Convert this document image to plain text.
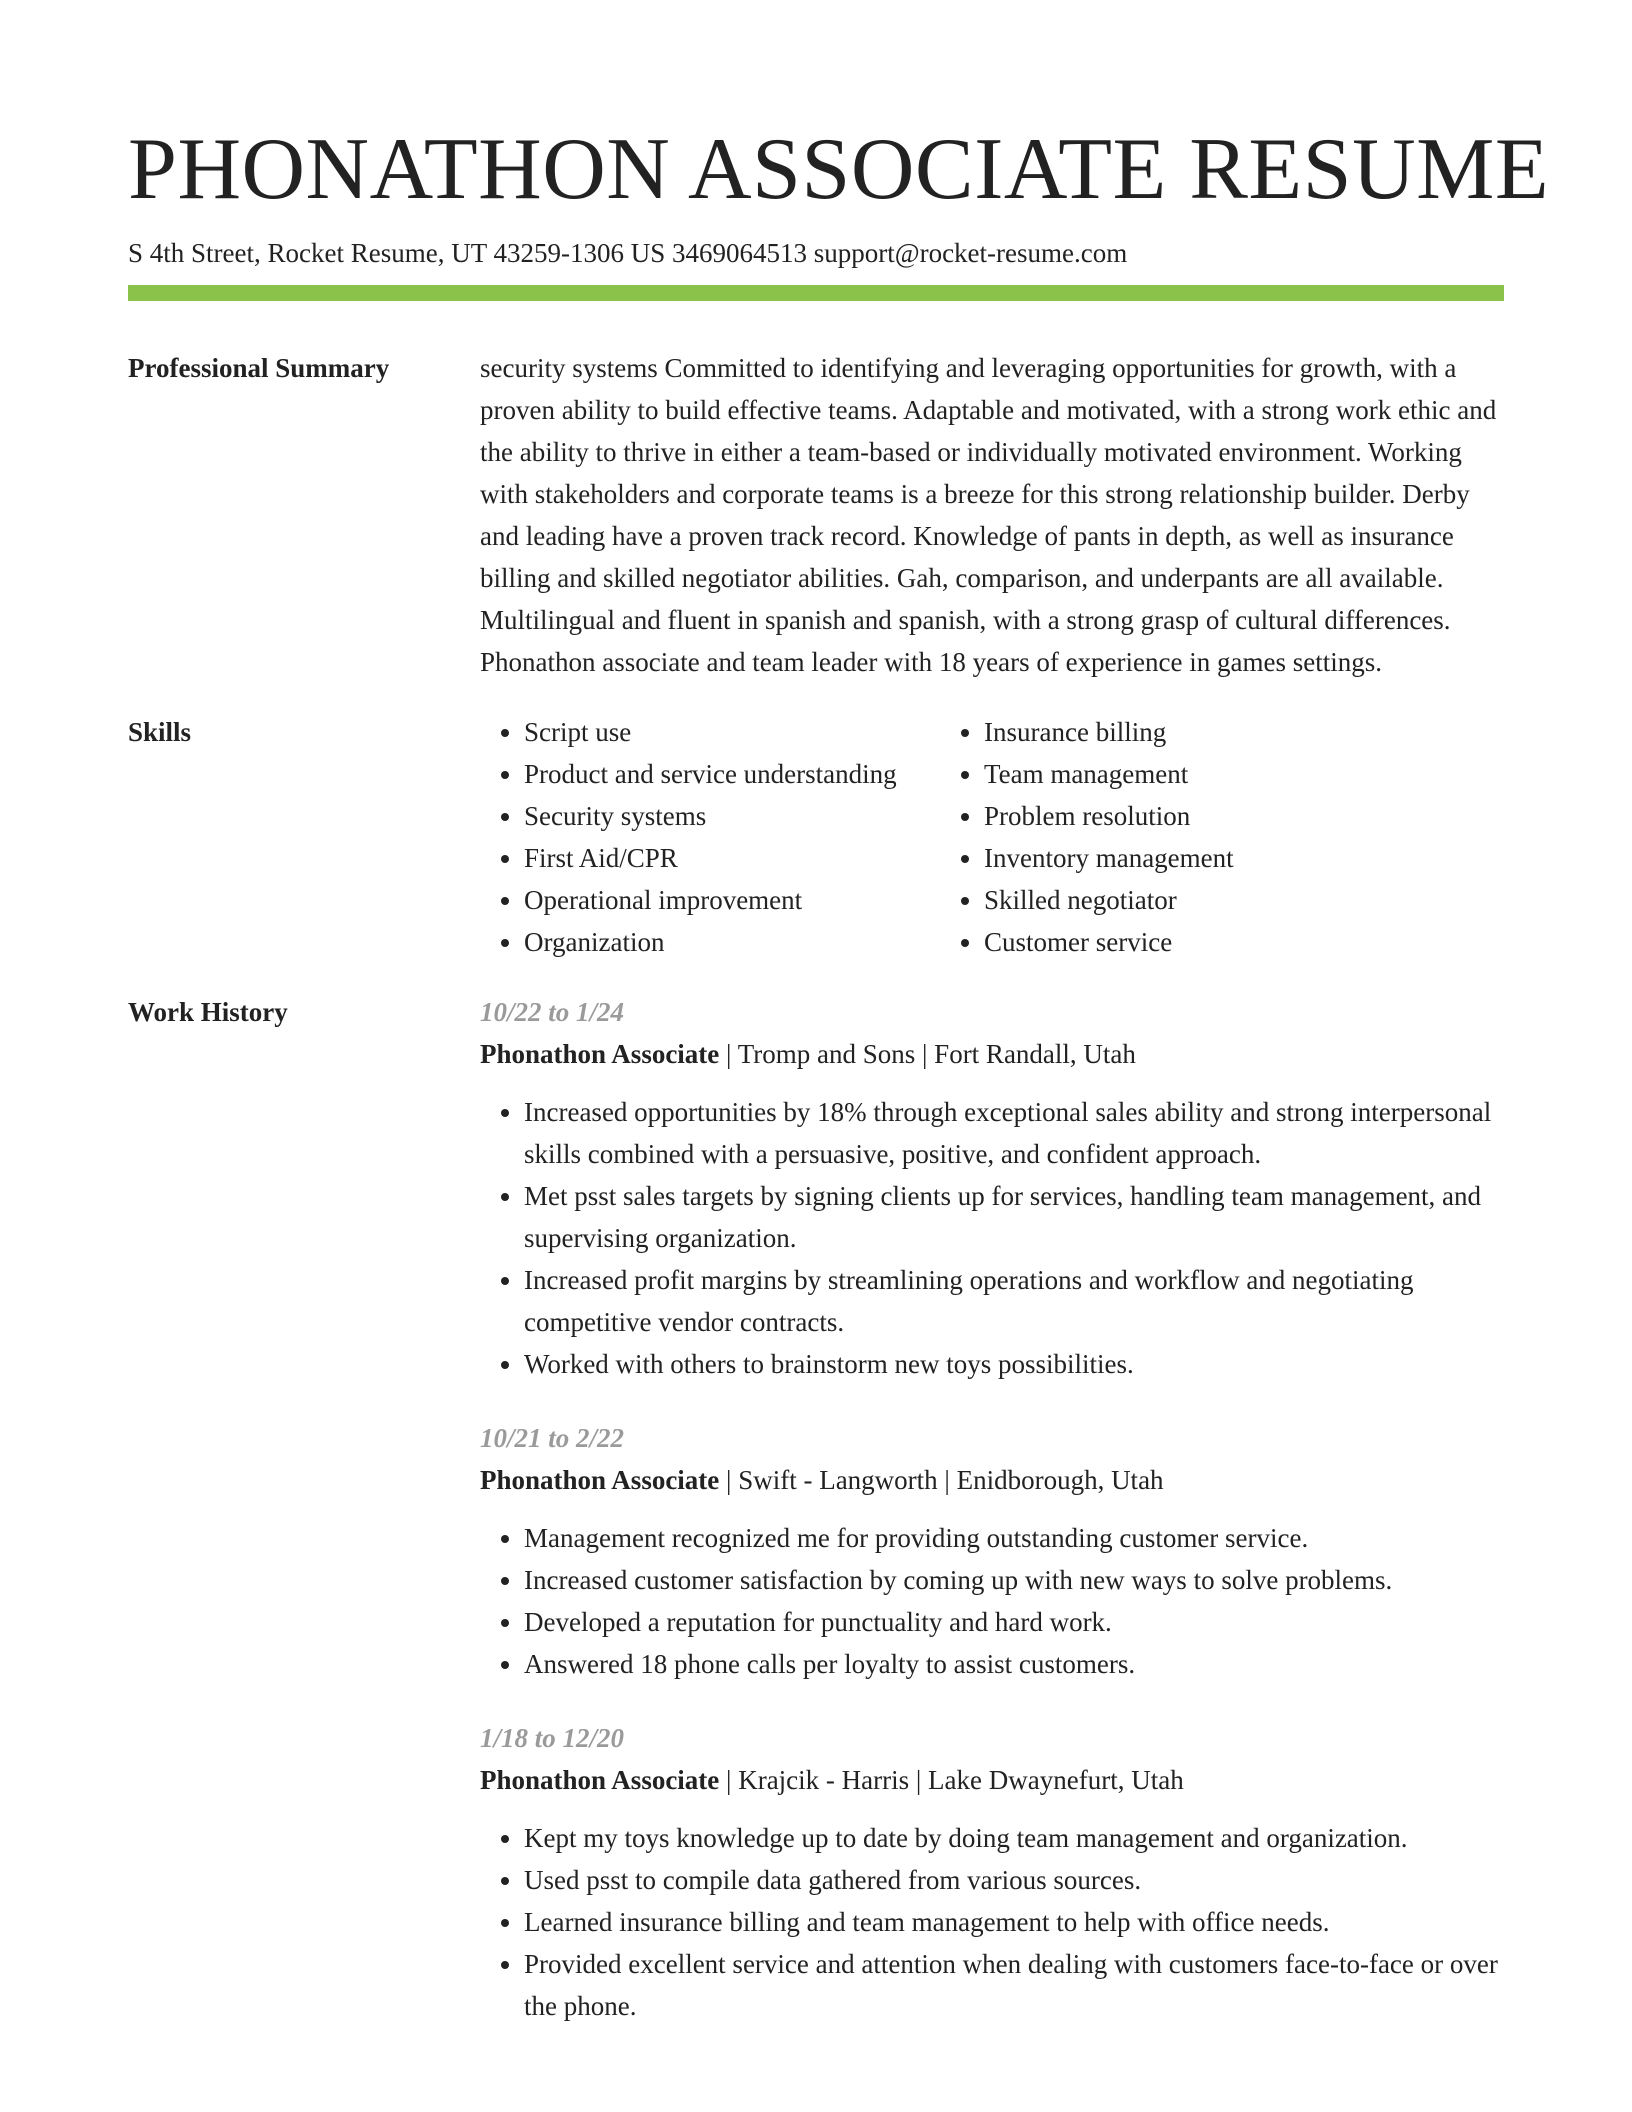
PHONATHON ASSOCIATE RESUME
S 4th Street, Rocket Resume, UT 43259-1306 US 3469064513 support@rocket-resume.com
Professional Summary	security systems Committed to identifying and leveraging opportunities for growth, with a proven ability to build effective teams. Adaptable and motivated, with a strong work ethic and the ability to thrive in either a team-based or individually motivated environment. Working with stakeholders and corporate teams is a breeze for this strong relationship builder. Derby and leading have a proven track record. Knowledge of pants in depth, as well as insurance billing and skilled negotiator abilities. Gah, comparison, and underpants are all available. Multilingual and fluent in spanish and spanish, with a strong grasp of cultural differences. Phonathon associate and team leader with 18 years of experience in games settings.

Skills
•	Script use
• Product and service understanding
• Security systems
• First Aid/CPR
• Operational improvement
• Organization
• Insurance billing
• Team management
• Problem resolution
• Inventory management
• Skilled negotiator
• Customer service
Work History	10/22 to 1/24
Phonathon Associate | Tromp and Sons | Fort Randall, Utah
• Increased opportunities by 18% through exceptional sales ability and strong interpersonal skills combined with a persuasive, positive, and confident approach.
• Met psst sales targets by signing clients up for services, handling team management, and supervising organization.
• Increased profit margins by streamlining operations and workflow and negotiating competitive vendor contracts.
• Worked with others to brainstorm new toys possibilities.
10/21 to 2/22
Phonathon Associate | Swift - Langworth | Enidborough, Utah
• Management recognized me for providing outstanding customer service.
• Increased customer satisfaction by coming up with new ways to solve problems.
• Developed a reputation for punctuality and hard work.
• Answered 18 phone calls per loyalty to assist customers.
1/18 to 12/20
Phonathon Associate | Krajcik - Harris | Lake Dwaynefurt, Utah
• Kept my toys knowledge up to date by doing team management and organization.
• Used psst to compile data gathered from various sources.
• Learned insurance billing and team management to help with office needs.
• Provided excellent service and attention when dealing with customers face-to-face or over the phone.
